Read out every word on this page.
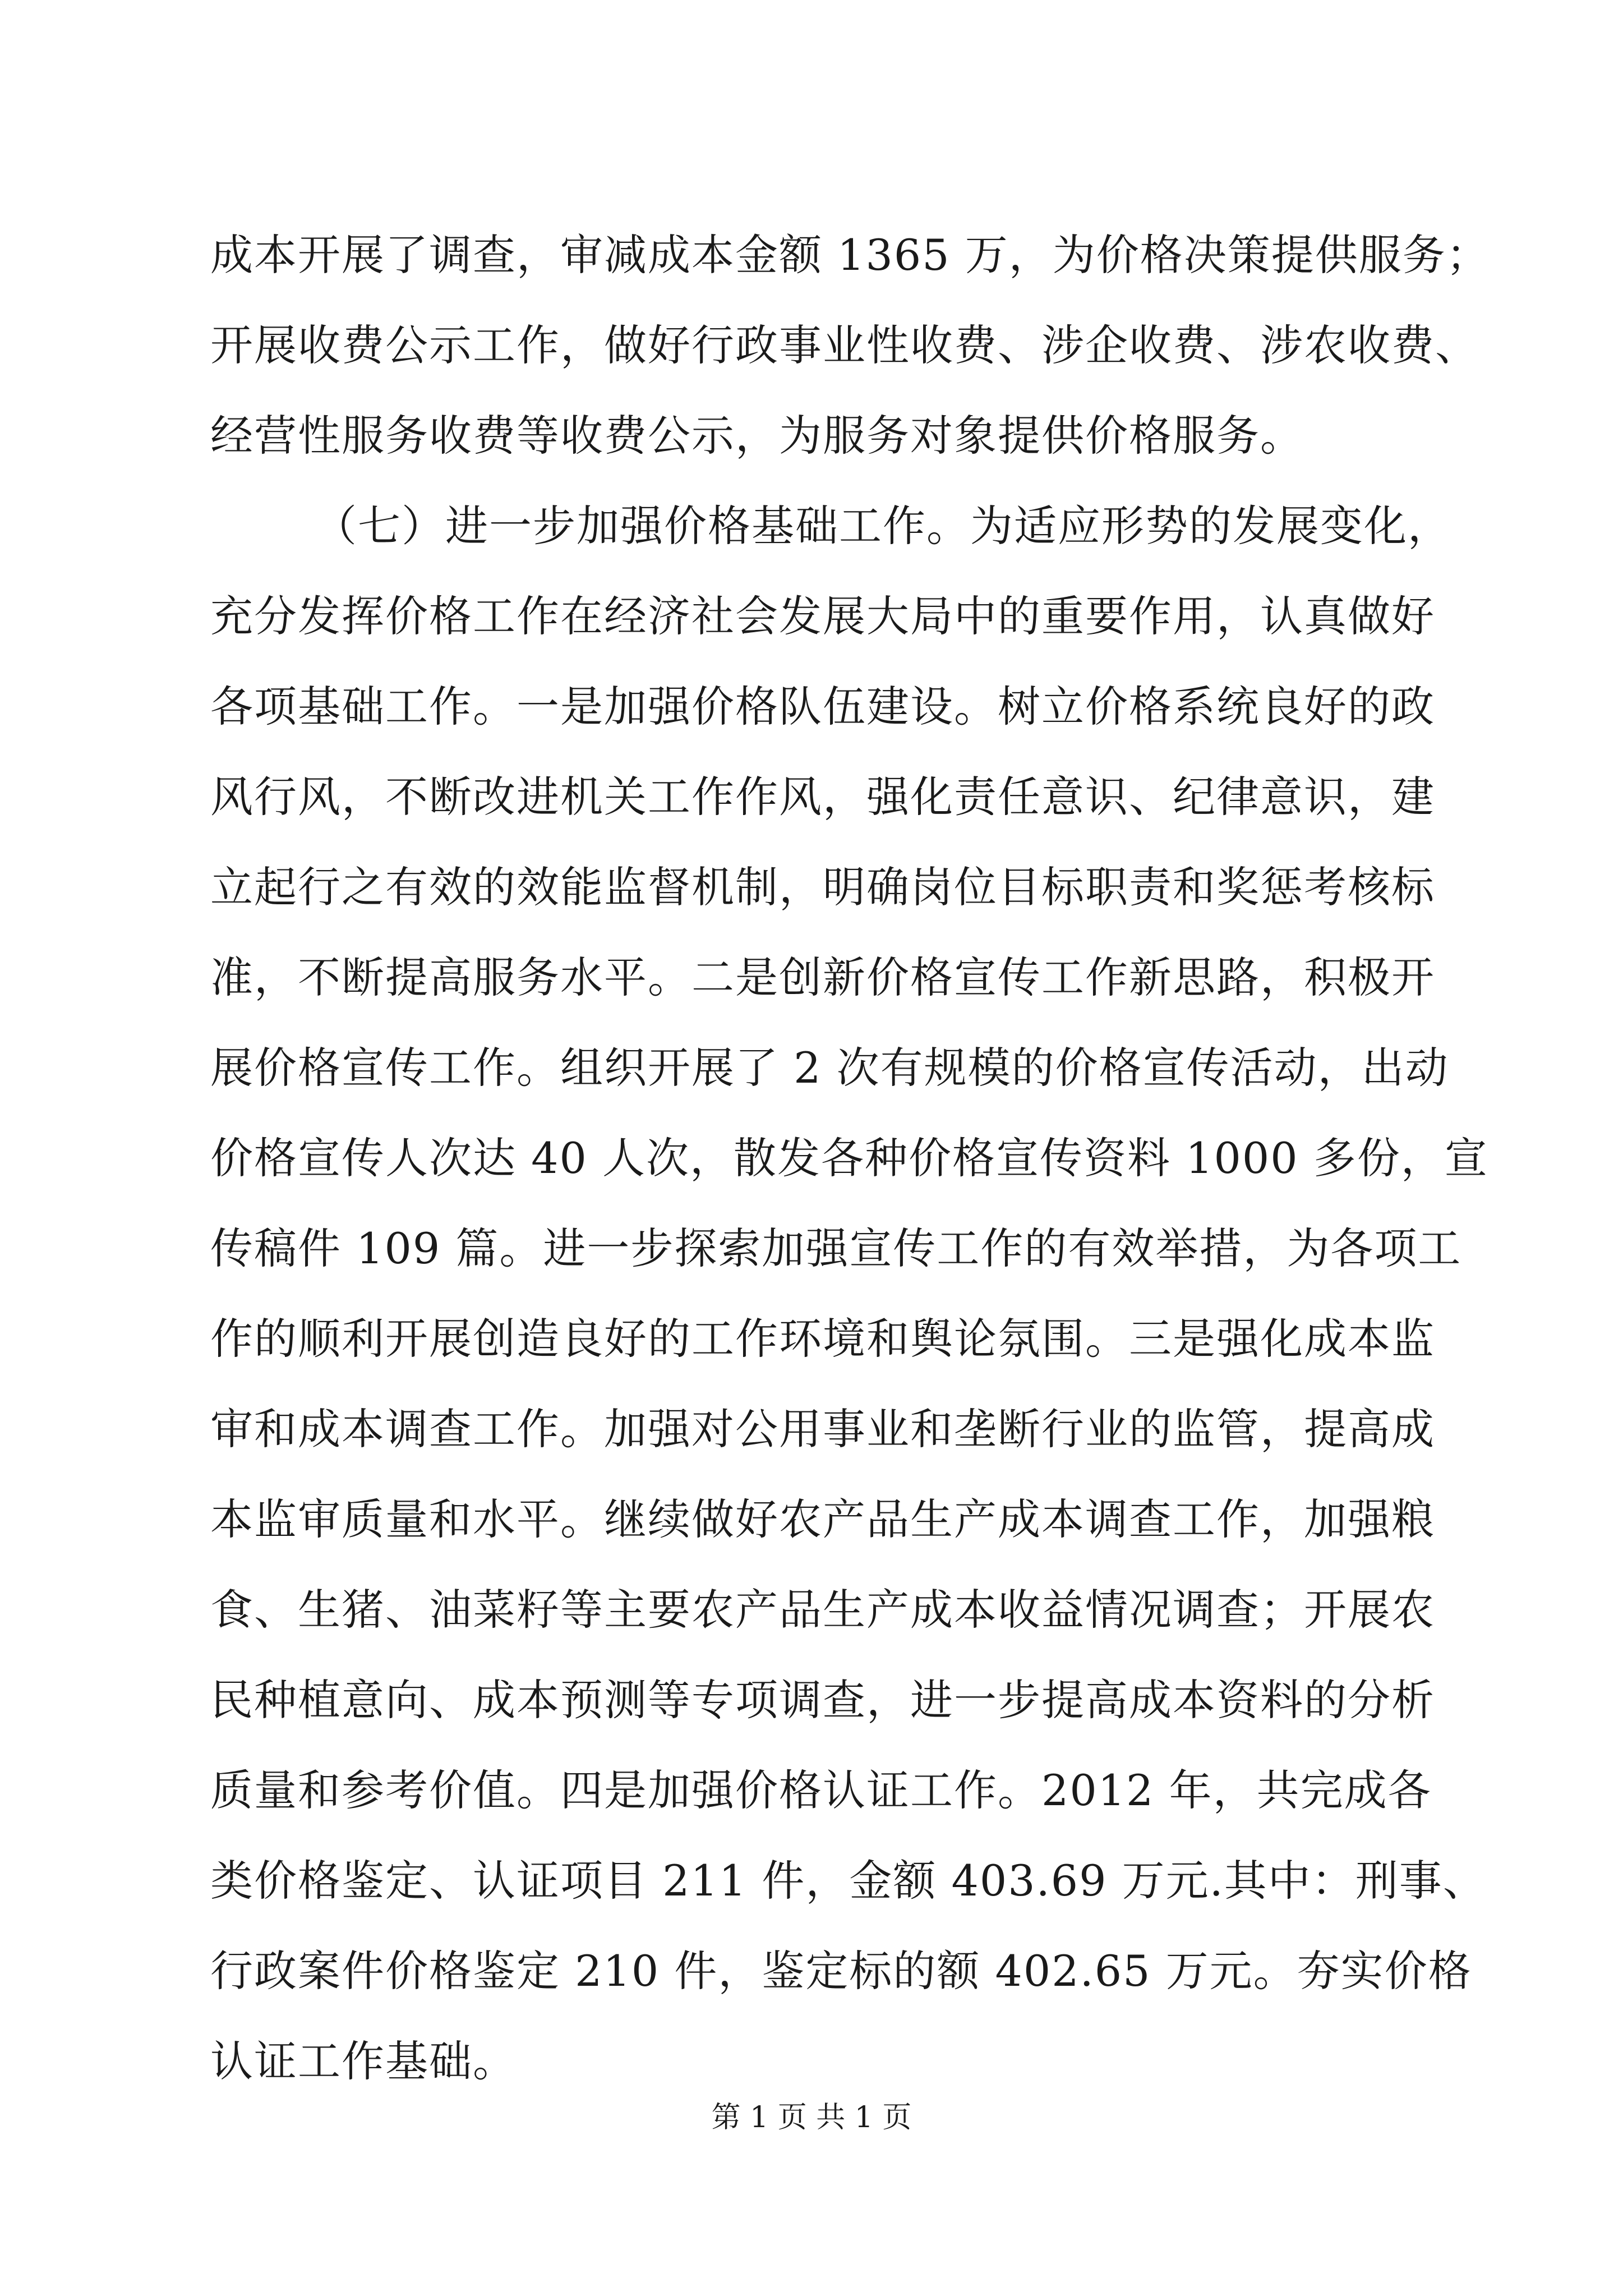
成本开展了调查，审减成本金额 1365 万，为价格决策提供服务；
开展收费公示工作，做好行政事业性收费、涉企收费、涉农收费、
经营性服务收费等收费公示，为服务对象提供价格服务。
（七）进一步加强价格基础工作。为适应形势的发展变化，
充分发挥价格工作在经济社会发展大局中的重要作用，认真做好
各项基础工作。一是加强价格队伍建设。树立价格系统良好的政
风行风，不断改进机关工作作风，强化责任意识、纪律意识，建
立起行之有效的效能监督机制，明确岗位目标职责和奖惩考核标
准，不断提高服务水平。二是创新价格宣传工作新思路，积极开
展价格宣传工作。组织开展了 2 次有规模的价格宣传活动，出动
价格宣传人次达 40 人次，散发各种价格宣传资料 1000 多份，宣
传稿件 109 篇。进一步探索加强宣传工作的有效举措，为各项工
作的顺利开展创造良好的工作环境和舆论氛围。三是强化成本监
审和成本调查工作。加强对公用事业和垄断行业的监管，提高成
本监审质量和水平。继续做好农产品生产成本调查工作，加强粮
食、生猪、油菜籽等主要农产品生产成本收益情况调查；开展农
民种植意向、成本预测等专项调查，进一步提高成本资料的分析
质量和参考价值。四是加强价格认证工作。2012 年，共完成各
类价格鉴定、认证项目 211 件，金额 403.69 万元.其中：刑事、
行政案件价格鉴定 210 件，鉴定标的额 402.65 万元。夯实价格
认证工作基础。
第 1 页 共 1 页
